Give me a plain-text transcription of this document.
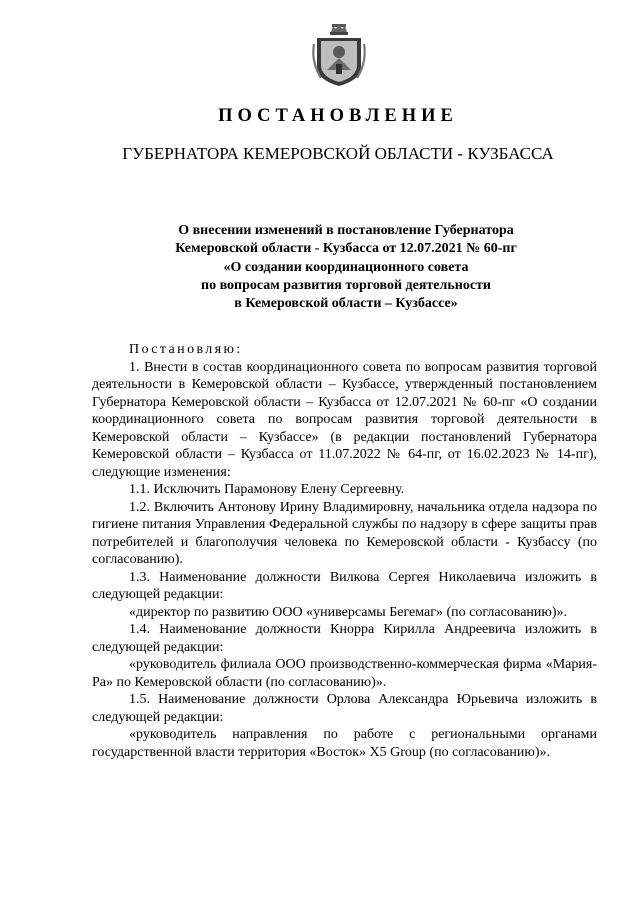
ПОСТАНОВЛЕНИЕ
ГУБЕРНАТОРА КЕМЕРОВСКОЙ ОБЛАСТИ - КУЗБАССА
О внесении изменений в постановление Губернатора
Кемеровской области - Кузбасса от 12.07.2021 № 60-пг
«О создании координационного совета
по вопросам развития торговой деятельности
в Кемеровской области – Кузбассе»

Постановляю:

1. Внести в состав координационного совета по вопросам развития торговой деятельности в Кемеровской области – Кузбассе, утвержденный постановлением Губернатора Кемеровской области – Кузбасса от 12.07.2021 № 60-пг «О создании координационного совета по вопросам развития торговой деятельности в Кемеровской области – Кузбассе» (в редакции постановлений Губернатора Кемеровской области – Кузбасса от 11.07.2022 № 64-пг, от 16.02.2023 № 14-пг), следующие изменения:

1.1. Исключить Парамонову Елену Сергеевну.

1.2. Включить Антонову Ирину Владимировну, начальника отдела надзора по гигиене питания Управления Федеральной службы по надзору в сфере защиты прав потребителей и благополучия человека по Кемеровской области - Кузбассу (по согласованию).

1.3. Наименование должности Вилкова Сергея Николаевича изложить в следующей редакции:

«директор по развитию ООО «универсамы Бегемаг» (по согласованию)».

1.4. Наименование должности Кнорра Кирилла Андреевича изложить в следующей редакции:

«руководитель филиала ООО производственно-коммерческая фирма «Мария-Ра» по Кемеровской области (по согласованию)».

1.5. Наименование должности Орлова Александра Юрьевича изложить в следующей редакции:

«руководитель направления по работе с региональными органами государственной власти территория «Восток» X5 Group (по согласованию)».
